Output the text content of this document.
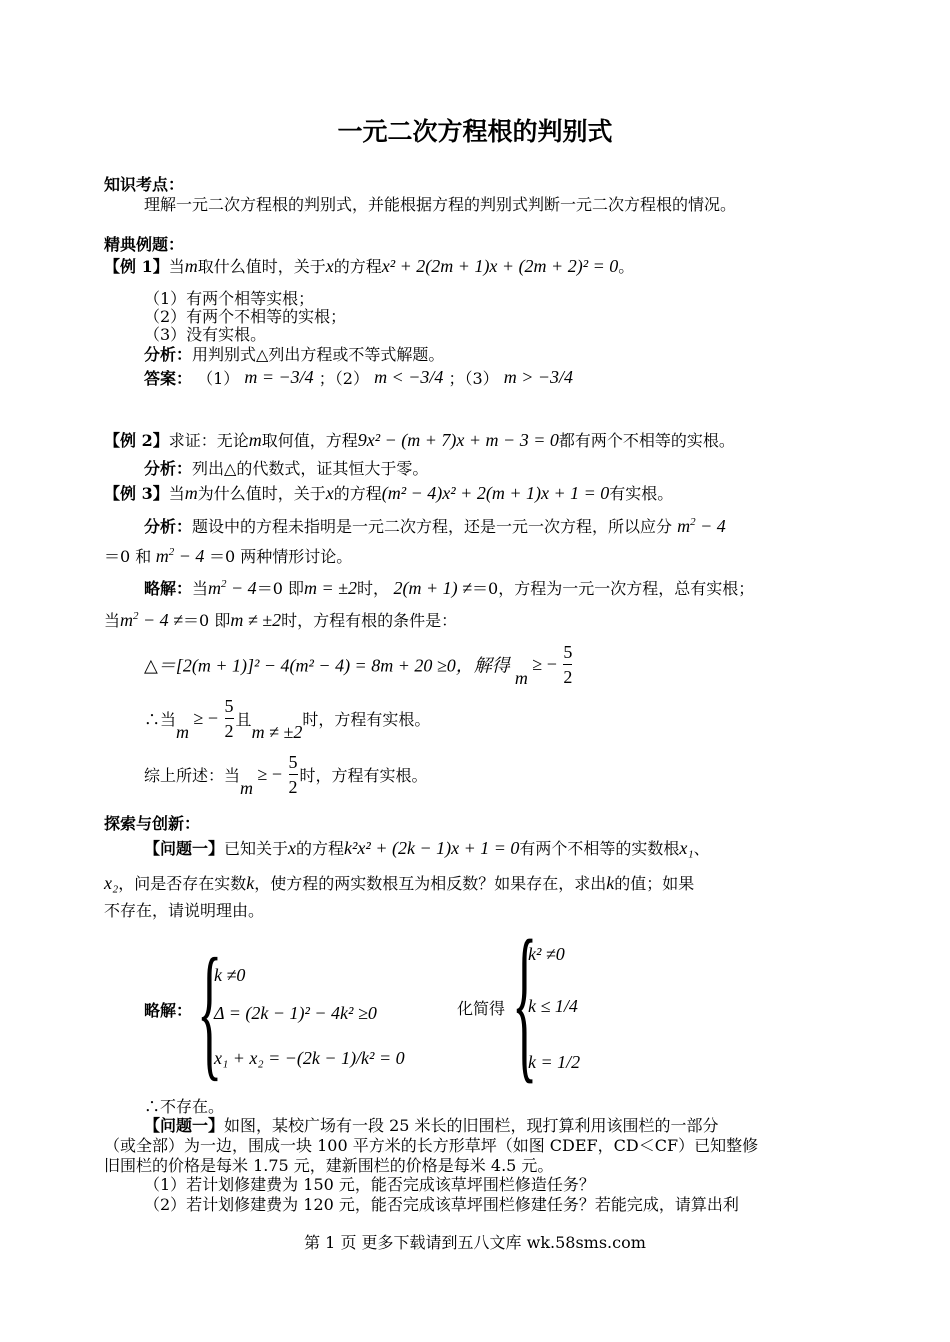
一元二次方程根的判别式
知识考点：
理解一元二次方程根的判别式，并能根据方程的判别式判断一元二次方程根的情况。
精典例题：
【例 1】当m取什么值时，关于x的方程x² + 2(2m + 1)x + (2m + 2)² = 0。
（1）有两个相等实根；
（2）有两个不相等的实根；
（3）没有实根。
分析：用判别式△列出方程或不等式解题。
答案： （1） m = −3/4 ；（2） m < −3/4 ；（3） m > −3/4
【例 2】求证：无论m取何值，方程9x² − (m + 7)x + m − 3 = 0都有两个不相等的实根。
分析：列出△的代数式，证其恒大于零。
【例 3】当m为什么值时，关于x的方程(m² − 4)x² + 2(m + 1)x + 1 = 0有实根。
分析：题设中的方程未指明是一元二次方程，还是一元一次方程，所以应分 $m^2 - 4$
＝0 和 $m^2 - 4 =0$ 两种情形讨论。
略解：当$m^2 - 4=0$ 即m = ±2时， 2(m + 1) ≠＝0，方程为一元一次方程，总有实根；
当$m^2 - 4 \ne=0$ 即m ≠ ±2时，方程有根的条件是：
△＝[2(m + 1)]² − 4(m² − 4) = 8m + 20 ≥0，解得 m ≥ − $\frac{5}{2}$
∴当m ≥ − $\frac{5}{2}$ 且m ≠ ±2时，方程有实根。
综上所述：当m ≥ − $\frac{5}{2}$ 时，方程有实根。
探索与创新：
【问题一】已知关于x的方程k²x² + (2k − 1)x + 1 = 0有两个不相等的实数根x₁、
x₂，问是否存在实数k，使方程的两实数根互为相反数？如果存在，求出k的值；如果
不存在，请说明理由。
略解： {
k ≠0
Δ = (2k − 1)² − 4k² ≥0
x₁ + x₂ = −(2k − 1)/k² = 0
化简得 {
k² ≠0
k ≤ 1/4
k = 1/2
∴不存在。
【问题一】如图，某校广场有一段 25 米长的旧围栏，现打算利用该围栏的一部分
（或全部）为一边，围成一块 100 平方米的长方形草坪（如图 CDEF，CD＜CF）已知整修
旧围栏的价格是每米 1.75 元，建新围栏的价格是每米 4.5 元。
（1）若计划修建费为 150 元，能否完成该草坪围栏修造任务？
（2）若计划修建费为 120 元，能否完成该草坪围栏修建任务？若能完成，请算出利
第 1 页 更多下载请到五八文库 wk.58sms.com
